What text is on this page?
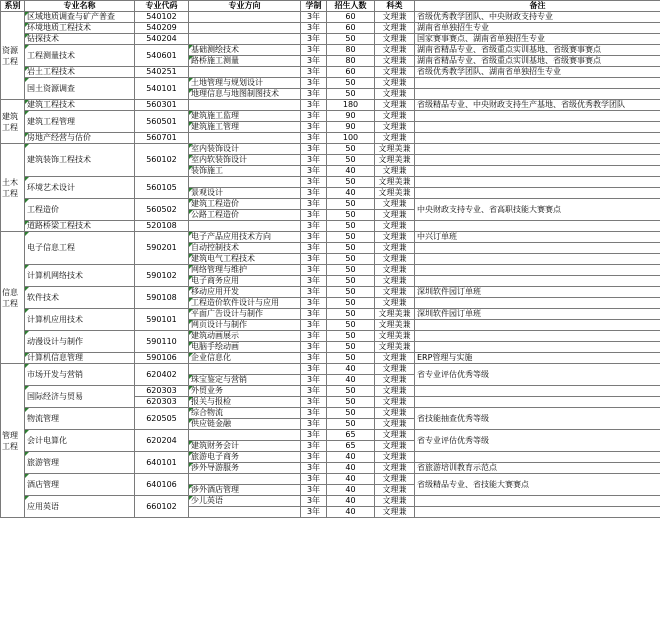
系别	专业名称	专业代码	专业方向	学制	招生人数	科类	备注
资源工程	区域地质调查与矿产普查	540102		3年	60	文理兼	省级优秀教学团队、中央财政支持专业
	环境地质工程技术	540209		3年	60	文理兼	湖南省单独招生专业
	钻探技术	540204		3年	50	文理兼	国家赛事赛点、湖南省单独招生专业
	工程测量技术	540601	基础测绘技术	3年	80	文理兼	湖南省精品专业、省级重点实训基地、省级赛事赛点
			路桥施工测量	3年	80	文理兼	湖南省精品专业、省级重点实训基地、省级赛事赛点
	岩土工程技术	540251		3年	60	文理兼	省级优秀教学团队、湖南省单独招生专业
	国土资源调查	540101	土地管理与规划设计	3年	50	文理兼	
			地理信息与地图制图技术	3年	50	文理兼	
建筑工程	建筑工程技术	560301		3年	180	文理兼	省级精品专业、中央财政支持生产基地、省级优秀教学团队
	建筑工程管理	560501	建筑施工监理	3年	90	文理兼	
			建筑施工管理	3年	90	文理兼	
	房地产经营与估价	560701		3年	100	文理兼	
土木工程	建筑装饰工程技术	560102	室内装饰设计	3年	50	文理美兼	
			室内软装饰设计	3年	50	文理美兼	
			装饰施工	3年	40	文理兼	
	环境艺术设计	560105		3年	50	文理美兼	
			景观设计	3年	40	文理美兼	
	工程造价	560502	建筑工程造价	3年	50	文理兼	中央财政支持专业、省高职技能大赛赛点
			公路工程造价	3年	50	文理兼	
	道路桥梁工程技术	520108		3年	50	文理兼	
信息工程	电子信息工程	590201	电子产品应用技术方向	3年	50	文理兼	中兴订单班
			自动控制技术	3年	50	文理兼	
			建筑电气工程技术	3年	50	文理兼	
	计算机网络技术	590102	网络管理与维护	3年	50	文理兼	
			电子商务应用	3年	50	文理兼	
	软件技术	590108	移动应用开发	3年	50	文理兼	深圳软件园订单班
			工程造价软件设计与应用	3年	50	文理兼	
	计算机应用技术	590101	平面广告设计与制作	3年	50	文理美兼	深圳软件园订单班
			网页设计与制作	3年	50	文理美兼	
	动漫设计与制作	590110	建筑动画展示	3年	50	文理美兼	
			电脑手绘动画	3年	50	文理美兼	
	计算机信息管理	590106	企业信息化	3年	50	文理兼	ERP管理与实施
管理工程	市场开发与营销	620402		3年	40	文理兼	省专业评估优秀等级
			珠宝鉴定与营销	3年	40	文理兼	
	国际经济与贸易	620303	外贸业务	3年	50	文理兼	
		620303	报关与报检	3年	50	文理兼	
	物流管理	620505	综合物流	3年	50	文理兼	省技能抽查优秀等级
			供应链金融	3年	50	文理兼	
	会计电算化	620204		3年	65	文理兼	省专业评估优秀等级
			建筑财务会计	3年	65	文理兼	
	旅游管理	640101	旅游电子商务	3年	40	文理兼	
			涉外导游服务	3年	40	文理兼	省旅游培训教育示范点
	酒店管理	640106		3年	40	文理兼	省级精品专业、省技能大赛赛点
			涉外酒店管理	3年	40	文理兼	
	应用英语	660102	少儿英语	3年	40	文理兼	
				3年	40	文理兼	
